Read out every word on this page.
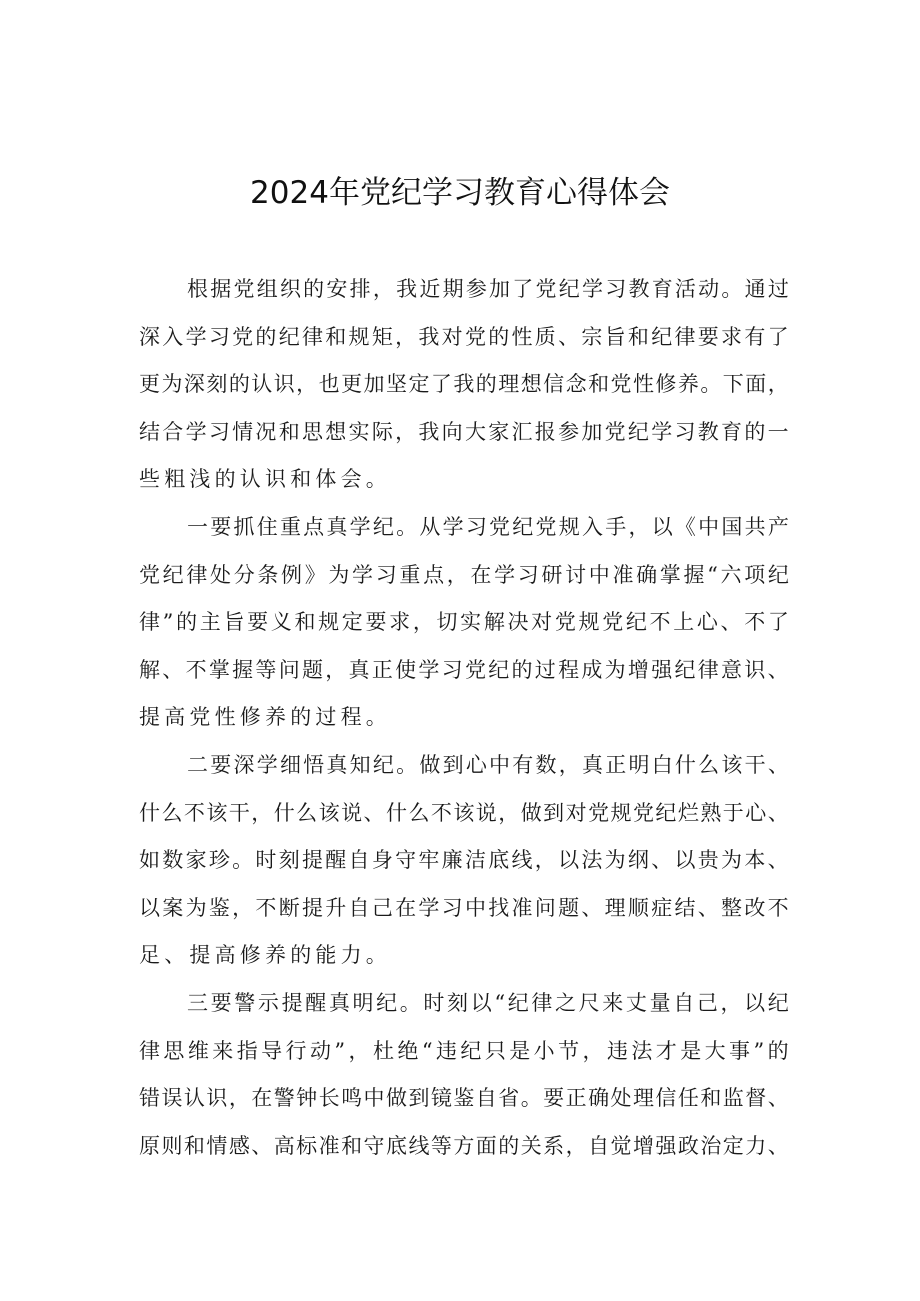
2024年党纪学习教育心得体会
根 据 党 组 织 的 安 排 ， 我 近 期 参 加 了 党 纪 学 习 教 育 活 动 。 通 过
深 入 学 习 党 的 纪 律 和 规 矩 ， 我 对 党 的 性 质 、 宗 旨 和 纪 律 要 求 有 了
更 为 深 刻 的 认 识 ， 也 更 加 坚 定 了 我 的 理 想 信 念 和 党 性 修 养 。 下 面 ，
结 合 学 习 情 况 和 思 想 实 际 ， 我 向 大 家 汇 报 参 加 党 纪 学 习 教 育 的 一
些粗浅的认识和体会。
一 要 抓 住 重 点 真 学 纪 。 从 学 习 党 纪 党 规 入 手 ， 以 《 中 国 共 产
党 纪 律 处 分 条 例 》 为 学 习 重 点 ， 在 学 习 研 讨 中 准 确 掌 握 “ 六 项 纪
律 ” 的 主 旨 要 义 和 规 定 要 求 ， 切 实 解 决 对 党 规 党 纪 不 上 心 、 不 了
解 、 不 掌 握 等 问 题 ， 真 正 使 学 习 党 纪 的 过 程 成 为 增 强 纪 律 意 识 、
提高党性修养的过程。
二 要 深 学 细 悟 真 知 纪 。 做 到 心 中 有 数 ， 真 正 明 白 什 么 该 干 、
什 么 不 该 干 ， 什 么 该 说 、 什 么 不 该 说 ， 做 到 对 党 规 党 纪 烂 熟 于 心 、
如 数 家 珍 。 时 刻 提 醒 自 身 守 牢 廉 洁 底 线 ， 以 法 为 纲 、 以 贵 为 本 、
以 案 为 鉴 ， 不 断 提 升 自 己 在 学 习 中 找 准 问 题 、 理 顺 症 结 、 整 改 不
足、提高修养的能力。
三 要 警 示 提 醒 真 明 纪 。 时 刻 以 “ 纪 律 之 尺 来 丈 量 自 己 ， 以 纪
律 思 维 来 指 导 行 动 ” ， 杜 绝 “ 违 纪 只 是 小 节 ， 违 法 才 是 大 事 ” 的
错 误 认 识 ， 在 警 钟 长 鸣 中 做 到 镜 鉴 自 省 。 要 正 确 处 理 信 任 和 监 督 、
原 则 和 情 感 、 高 标 准 和 守 底 线 等 方 面 的 关 系 ， 自 觉 增 强 政 治 定 力 、
